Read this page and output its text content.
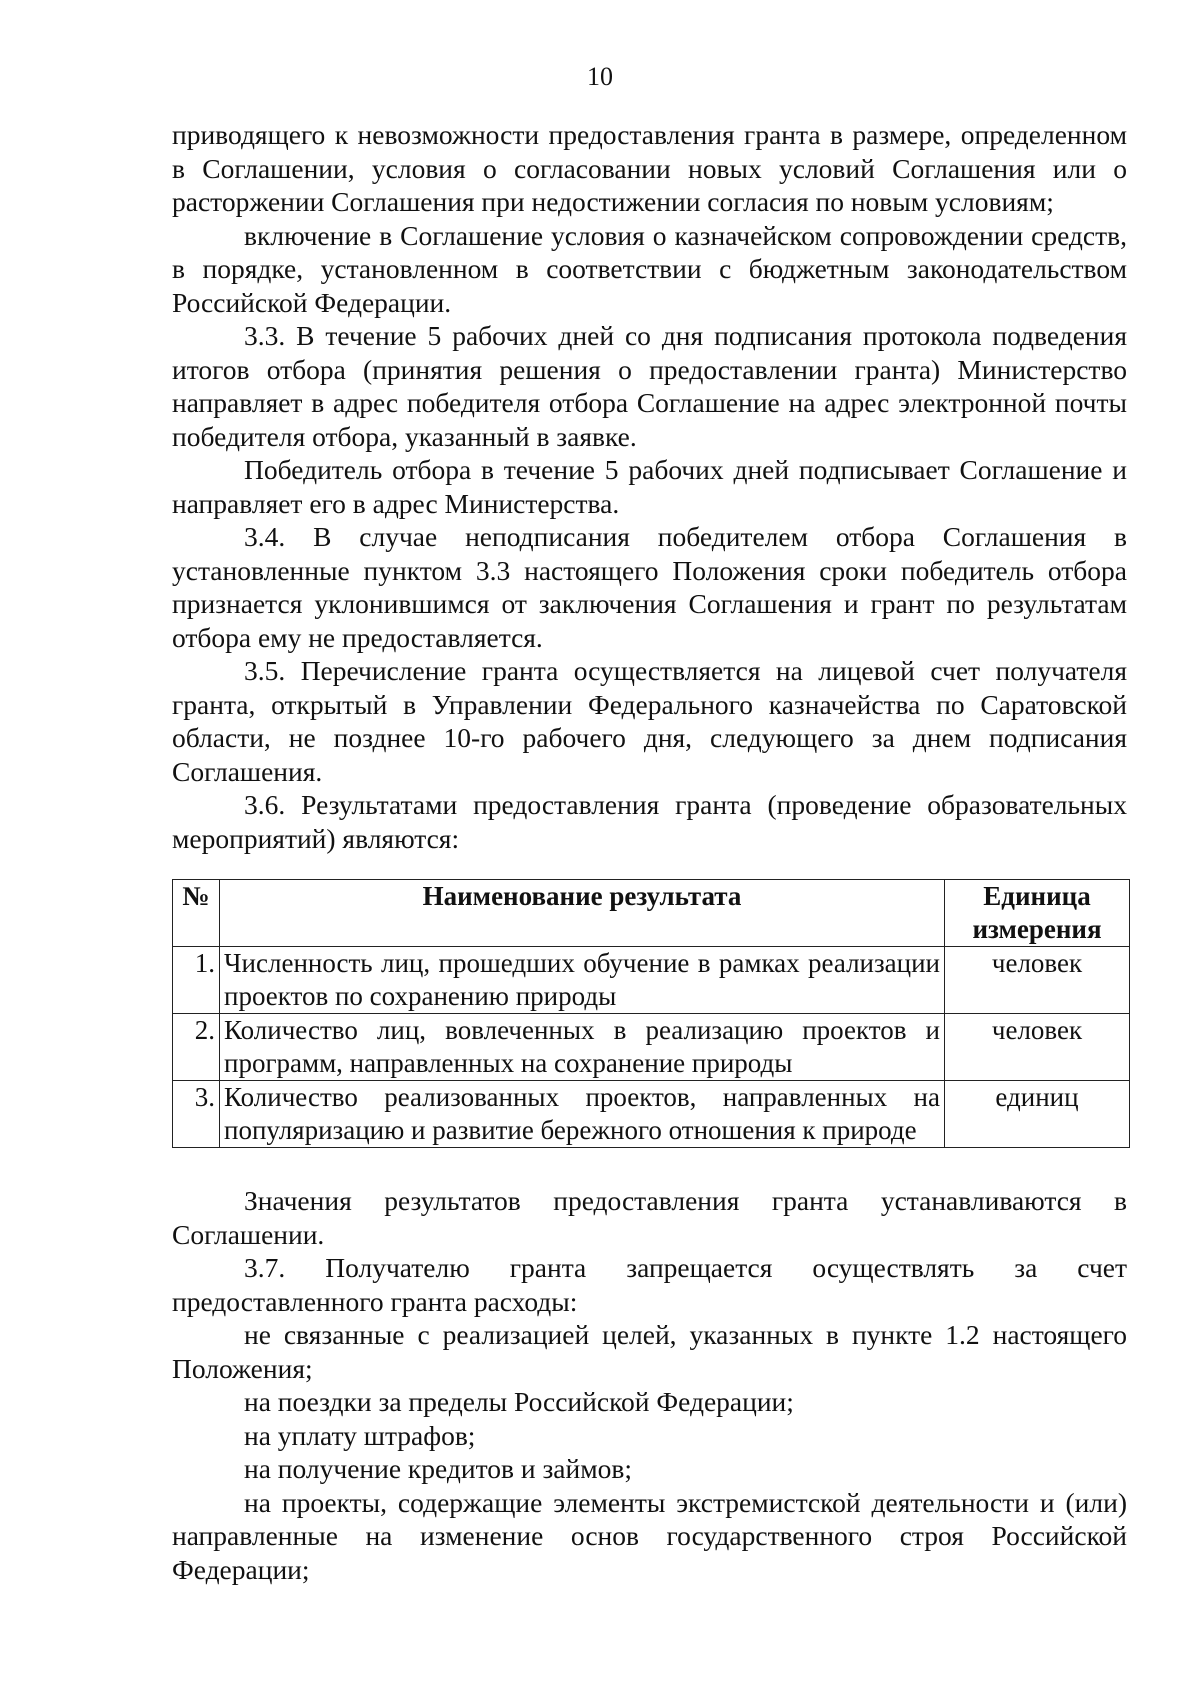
10

приводящего к невозможности предоставления гранта в размере, определенном в Соглашении, условия о согласовании новых условий Соглашения или о расторжении Соглашения при недостижении согласия по новым условиям;

включение в Соглашение условия о казначейском сопровождении средств, в порядке, установленном в соответствии с бюджетным законодательством Российской Федерации.

3.3. В течение 5 рабочих дней со дня подписания протокола подведения итогов отбора (принятия решения о предоставлении гранта) Министерство направляет в адрес победителя отбора Соглашение на адрес электронной почты победителя отбора, указанный в заявке.

Победитель отбора в течение 5 рабочих дней подписывает Соглашение и направляет его в адрес Министерства.

3.4. В случае неподписания победителем отбора Соглашения в установленные пунктом 3.3 настоящего Положения сроки победитель отбора признается уклонившимся от заключения Соглашения и грант по результатам отбора ему не предоставляется.

3.5. Перечисление гранта осуществляется на лицевой счет получателя гранта, открытый в Управлении Федерального казначейства по Саратовской области, не позднее 10-го рабочего дня, следующего за днем подписания Соглашения.

3.6. Результатами предоставления гранта (проведение образовательных мероприятий) являются:

№	Наименование результата	Единица измерения
1.	Численность лиц, прошедших обучение в рамках реализации проектов по сохранению природы	человек
2.	Количество лиц, вовлеченных в реализацию проектов и программ, направленных на сохранение природы	человек
3.	Количество реализованных проектов, направленных на популяризацию и развитие бережного отношения к природе	единиц

Значения результатов предоставления гранта устанавливаются в Соглашении.

3.7. Получателю гранта запрещается осуществлять за счет предоставленного гранта расходы:

не связанные с реализацией целей, указанных в пункте 1.2 настоящего Положения;

на поездки за пределы Российской Федерации;

на уплату штрафов;

на получение кредитов и займов;

на проекты, содержащие элементы экстремистской деятельности и (или) направленные на изменение основ государственного строя Российской Федерации;
